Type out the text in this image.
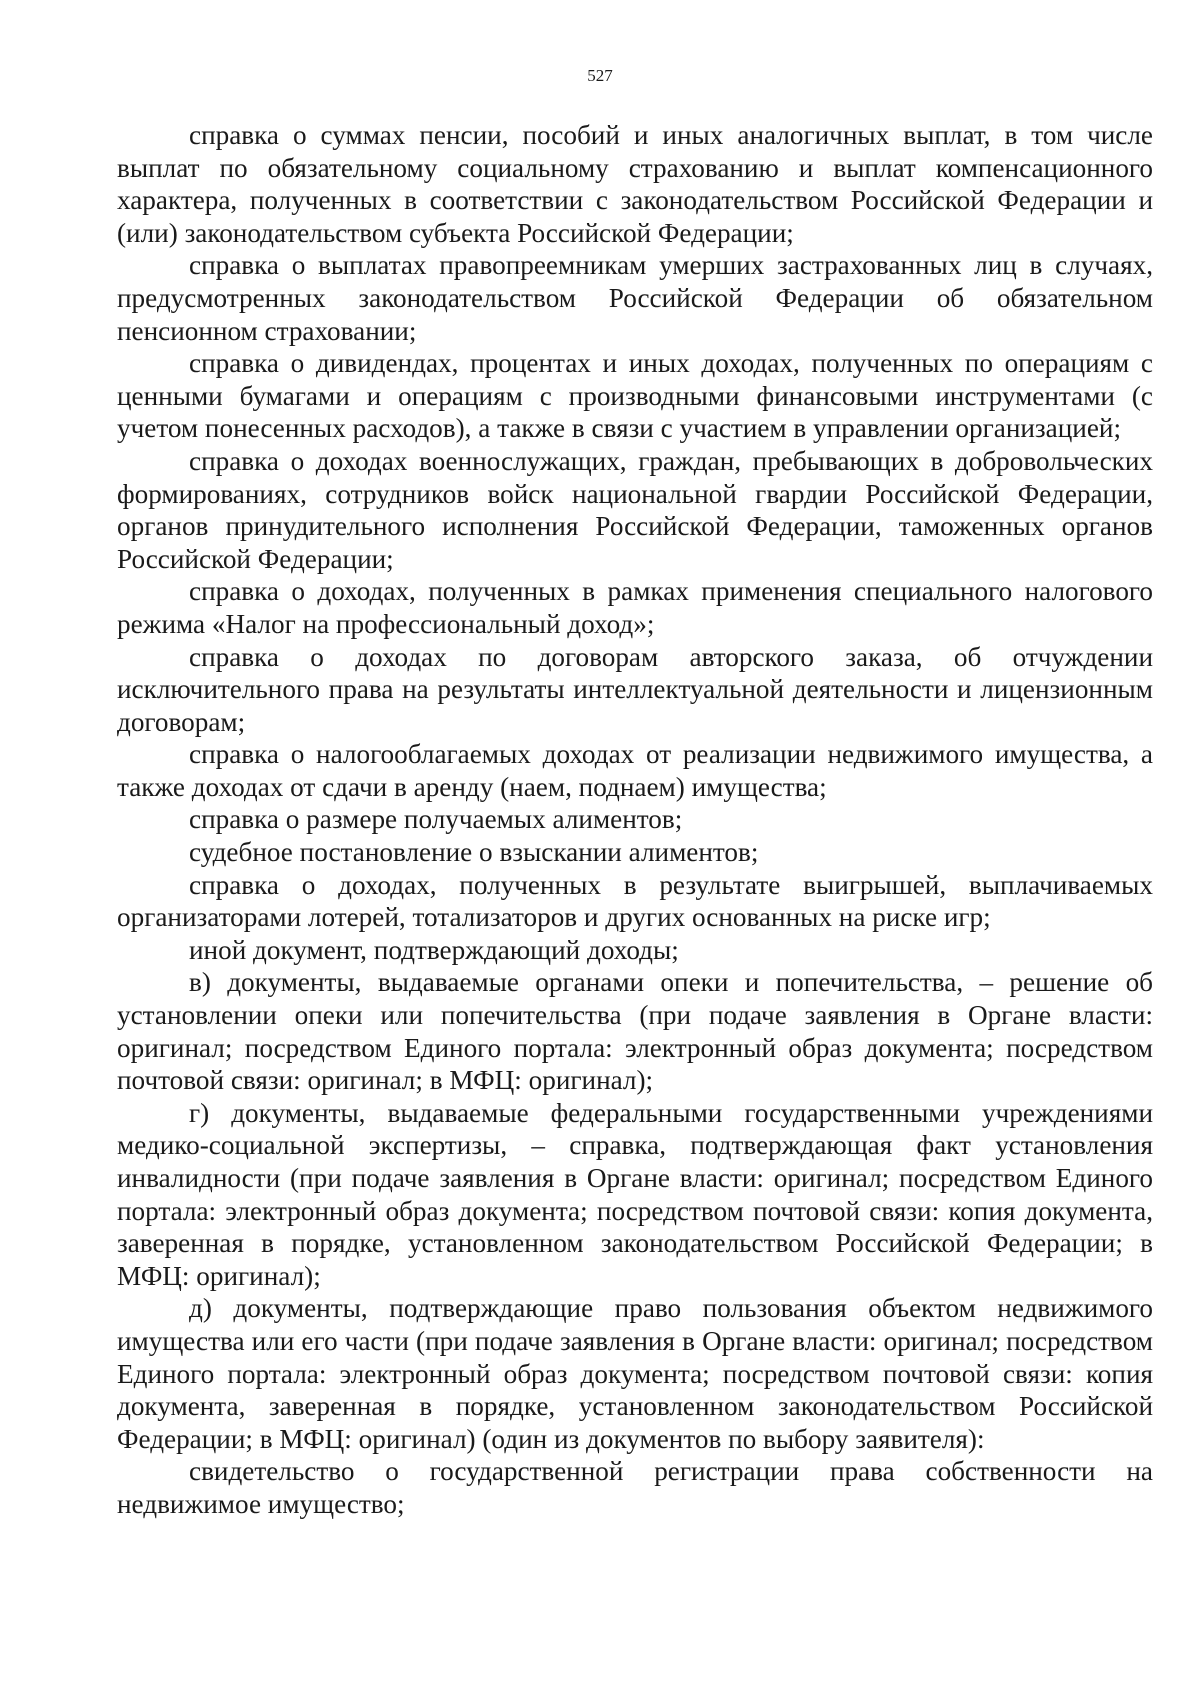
527

справка о суммах пенсии, пособий и иных аналогичных выплат, в том числе выплат по обязательному социальному страхованию и выплат компенсационного характера, полученных в соответствии с законодательством Российской Федерации и (или) законодательством субъекта Российской Федерации;

справка о выплатах правопреемникам умерших застрахованных лиц в случаях, предусмотренных законодательством Российской Федерации об обязательном пенсионном страховании;

справка о дивидендах, процентах и иных доходах, полученных по операциям с ценными бумагами и операциям с производными финансовыми инструментами (с учетом понесенных расходов), а также в связи с участием в управлении организацией;

справка о доходах военнослужащих, граждан, пребывающих в добровольческих формированиях, сотрудников войск национальной гвардии Российской Федерации, органов принудительного исполнения Российской Федерации, таможенных органов Российской Федерации;

справка о доходах, полученных в рамках применения специального налогового режима «Налог на профессиональный доход»;

справка о доходах по договорам авторского заказа, об отчуждении исключительного права на результаты интеллектуальной деятельности и лицензионным договорам;

справка о налогооблагаемых доходах от реализации недвижимого имущества, а также доходах от сдачи в аренду (наем, поднаем) имущества;

справка о размере получаемых алиментов;

судебное постановление о взыскании алиментов;

справка о доходах, полученных в результате выигрышей, выплачиваемых организаторами лотерей, тотализаторов и других основанных на риске игр;

иной документ, подтверждающий доходы;

в) документы, выдаваемые органами опеки и попечительства, – решение об установлении опеки или попечительства (при подаче заявления в Органе власти: оригинал; посредством Единого портала: электронный образ документа; посредством почтовой связи: оригинал; в МФЦ: оригинал);

г) документы, выдаваемые федеральными государственными учреждениями медико-социальной экспертизы, – справка, подтверждающая факт установления инвалидности (при подаче заявления в Органе власти: оригинал; посредством Единого портала: электронный образ документа; посредством почтовой связи: копия документа, заверенная в порядке, установленном законодательством Российской Федерации; в МФЦ: оригинал);

д) документы, подтверждающие право пользования объектом недвижимого имущества или его части (при подаче заявления в Органе власти: оригинал; посредством Единого портала: электронный образ документа; посредством почтовой связи: копия документа, заверенная в порядке, установленном законодательством Российской Федерации; в МФЦ: оригинал) (один из документов по выбору заявителя):

свидетельство о государственной регистрации права собственности на недвижимое имущество;
